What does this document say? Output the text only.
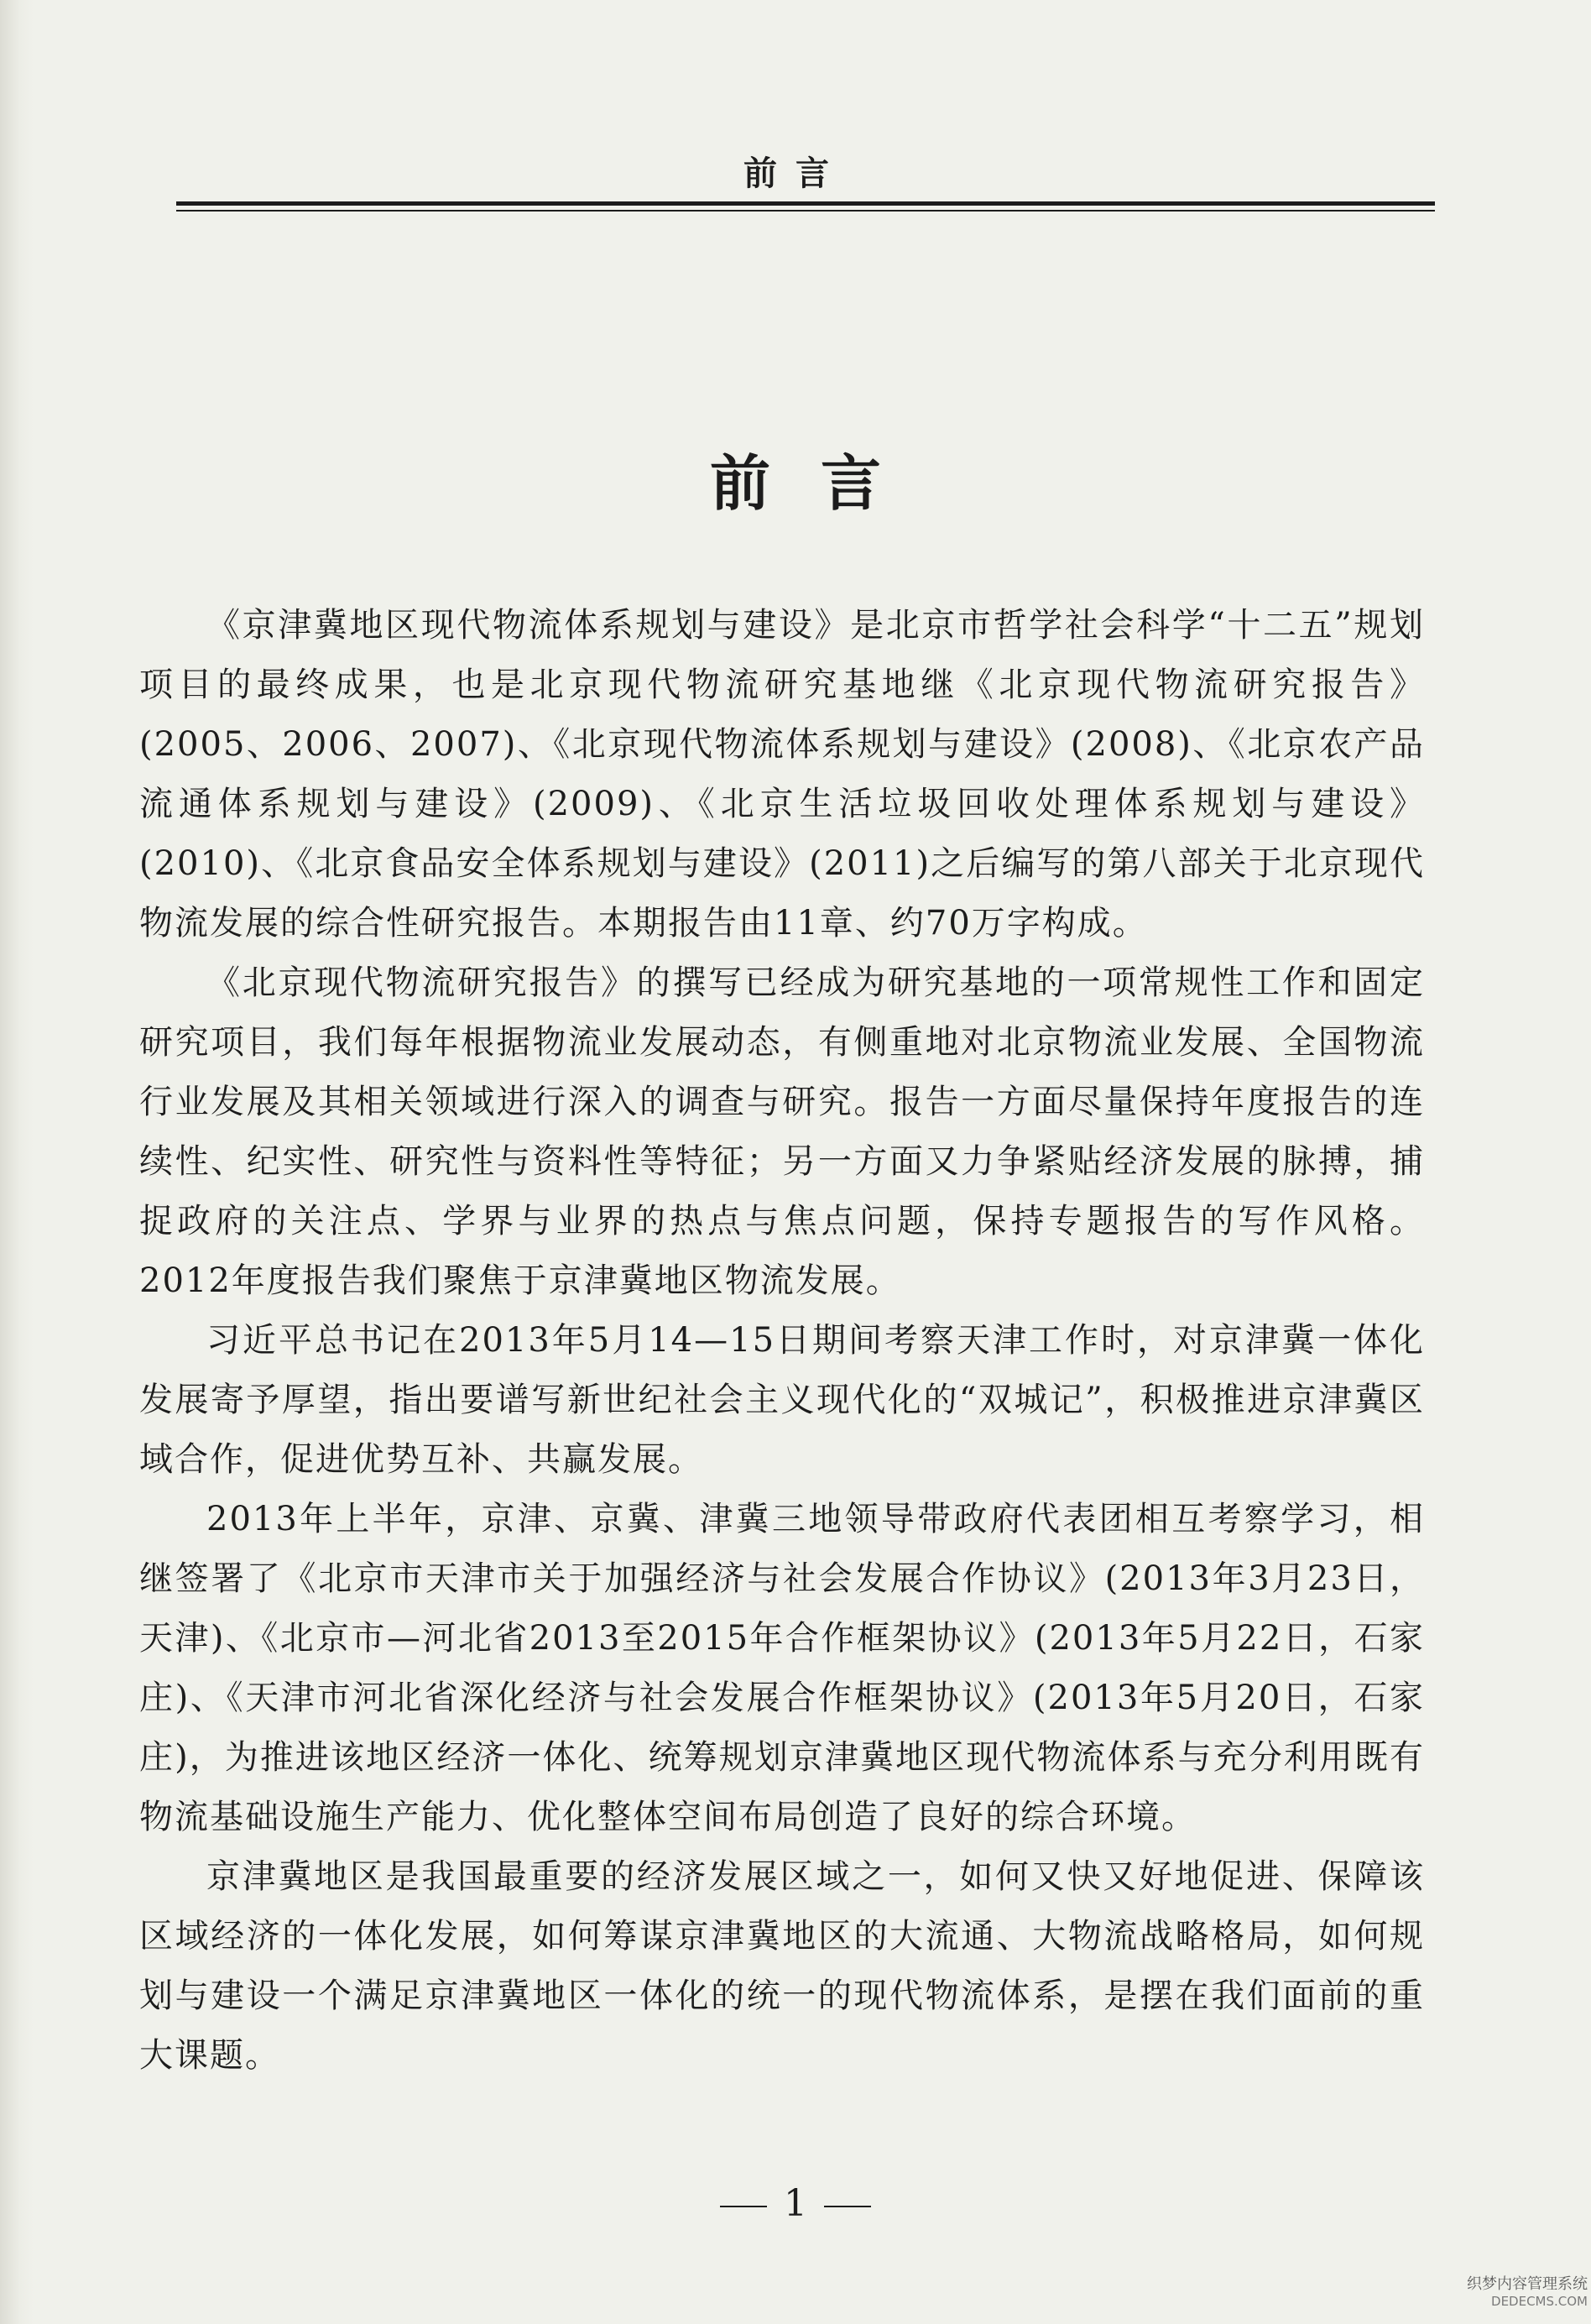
前言
前言

《京津冀地区现代物流体系规划与建设》是北京市哲学社会科学“十二五”规划项目的最终成果，也是北京现代物流研究基地继《北京现代物流研究报告》(2005、2006、2007)、《北京现代物流体系规划与建设》(2008)、《北京农产品流通体系规划与建设》(2009)、《北京生活垃圾回收处理体系规划与建设》(2010)、《北京食品安全体系规划与建设》(2011)之后编写的第八部关于北京现代物流发展的综合性研究报告。本期报告由11章、约70万字构成。

《北京现代物流研究报告》的撰写已经成为研究基地的一项常规性工作和固定研究项目，我们每年根据物流业发展动态，有侧重地对北京物流业发展、全国物流行业发展及其相关领域进行深入的调查与研究。报告一方面尽量保持年度报告的连续性、纪实性、研究性与资料性等特征；另一方面又力争紧贴经济发展的脉搏，捕捉政府的关注点、学界与业界的热点与焦点问题，保持专题报告的写作风格。2012年度报告我们聚焦于京津冀地区物流发展。

习近平总书记在2013年5月14—15日期间考察天津工作时，对京津冀一体化发展寄予厚望，指出要谱写新世纪社会主义现代化的“双城记”，积极推进京津冀区域合作，促进优势互补、共赢发展。

2013年上半年，京津、京冀、津冀三地领导带政府代表团相互考察学习，相继签署了《北京市天津市关于加强经济与社会发展合作协议》(2013年3月23日，天津)、《北京市—河北省2013至2015年合作框架协议》(2013年5月22日，石家庄)、《天津市河北省深化经济与社会发展合作框架协议》(2013年5月20日，石家庄)，为推进该地区经济一体化、统筹规划京津冀地区现代物流体系与充分利用既有物流基础设施生产能力、优化整体空间布局创造了良好的综合环境。

京津冀地区是我国最重要的经济发展区域之一，如何又快又好地促进、保障该区域经济的一体化发展，如何筹谋京津冀地区的大流通、大物流战略格局，如何规划与建设一个满足京津冀地区一体化的统一的现代物流体系，是摆在我们面前的重大课题。

1
织梦内容管理系统
DEDECMS.COM
